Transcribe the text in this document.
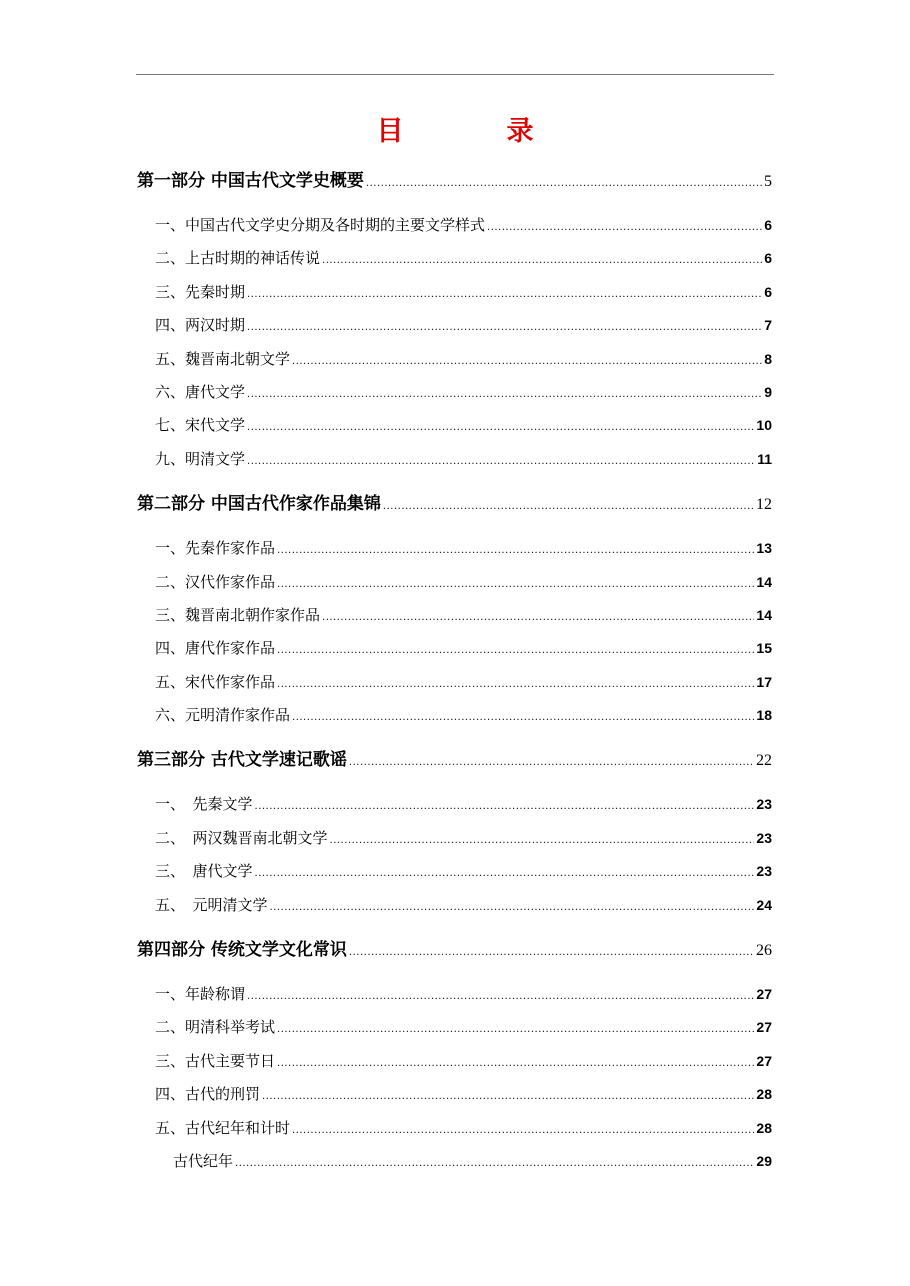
目　录
第一部分 中国古代文学史概要 .....	5
一、中国古代文学史分期及各时期的主要文学样式 .....	6
二、上古时期的神话传说 .....	6
三、先秦时期 .....	6
四、两汉时期 .....	7
五、魏晋南北朝文学 .....	8
六、唐代文学 .....	9
七、宋代文学 .....	10
九、明清文学 .....	11
第二部分 中国古代作家作品集锦 .....	12
一、先秦作家作品 .....	13
二、汉代作家作品 .....	14
三、魏晋南北朝作家作品 .....	14
四、唐代作家作品 .....	15
五、宋代作家作品 .....	17
六、元明清作家作品 .....	18
第三部分 古代文学速记歌谣 .....	22
一、　先秦文学 .....	23
二、　两汉魏晋南北朝文学 .....	23
三、　唐代文学 .....	23
五、　元明清文学 .....	24
第四部分 传统文学文化常识 .....	26
一、年龄称谓 .....	27
二、明清科举考试 .....	27
三、古代主要节日 .....	27
四、古代的刑罚 .....	28
五、古代纪年和计时 .....	28
古代纪年 .....	29
